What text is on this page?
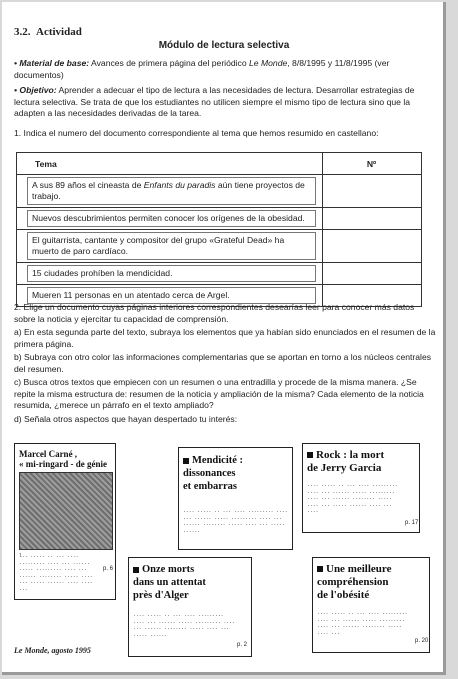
3.2. Actividad
Módulo de lectura selectiva
• Material de base: Avances de primera página del periódico Le Monde, 8/8/1995 y 11/8/1995 (ver documentos)
• Objetivo: Aprender a adecuar el tipo de lectura a las necesidades de lectura. Desarrollar estrategias de lectura selectiva. Se trata de que los estudiantes no utilicen siempre el mismo tipo de lectura sino que la adapten a las necesidades derivadas de la tarea.
1. Indica el numero del documento correspondiente al tema que hemos resumido en castellano:
Tema	Nº

A sus 89 años el cineasta de Enfants du paradis aún tiene proyectos de trabajo.	

Nuevos descubrimientos permiten conocer los orígenes de la obesidad.	

El guitarrista, cantante y compositor del grupo «Grateful Dead» ha muerto de paro cardíaco.	

15 ciudades prohíben la mendicidad.	

Mueren 11 personas en un atentado cerca de Argel.	

2. Elige un documento cuyas páginas interiores correspondientes desearías leer para conocer más datos sobre la noticia y ejercitar tu capacidad de comprensión.
a) En esta segunda parte del texto, subraya los elementos que ya habían sido enunciados en el resumen de la primera página.
b) Subraya con otro color las informaciones complementarias que se aportan en torno a los núcleos centrales del resumen.
c) Busca otros textos que empiecen con un resumen o una entradilla y procede de la misma manera. ¿Se repite la misma estructura de: resumen de la noticia y ampliación de la misma? Cada elemento de la noticia resumida, ¿merece un párrafo en el texto ampliado?
d) Señala otros aspectos que hayan despertado tu interés:
Marcel Carné ,
« mi-ringard - de génie
l.. ..... .. ... .... ......... .... ... ...... ..... ......... .... ... ...... ........ ..... .... ... ..... ...... .... .... ...
p. 6
Mendicité :
dissonances
et embarras
.... ..... .. ... .... ......... .... ... ...... ..... ......... .... ... ...... ........ ..... .... ... ..... ......
Rock : la mort
de Jerry Garcia
.... ..... .. ... .... ......... .... ... ...... ..... ......... .... ... ...... ........ ..... .... ... ..... ...... .... ... ....
p. 17
Onze morts
dans un attentat
près d'Alger
.... ..... .. ... .... ......... .... ... ...... ..... ......... .... ... ...... ........ ..... .... ... ..... ......
p. 2
Une meilleure
compréhension
de l'obésité
.... ..... .. ... .... ......... .... ... ...... ..... ......... .... ... ...... ........ ..... .... ...
p. 20
Le Monde, agosto 1995
